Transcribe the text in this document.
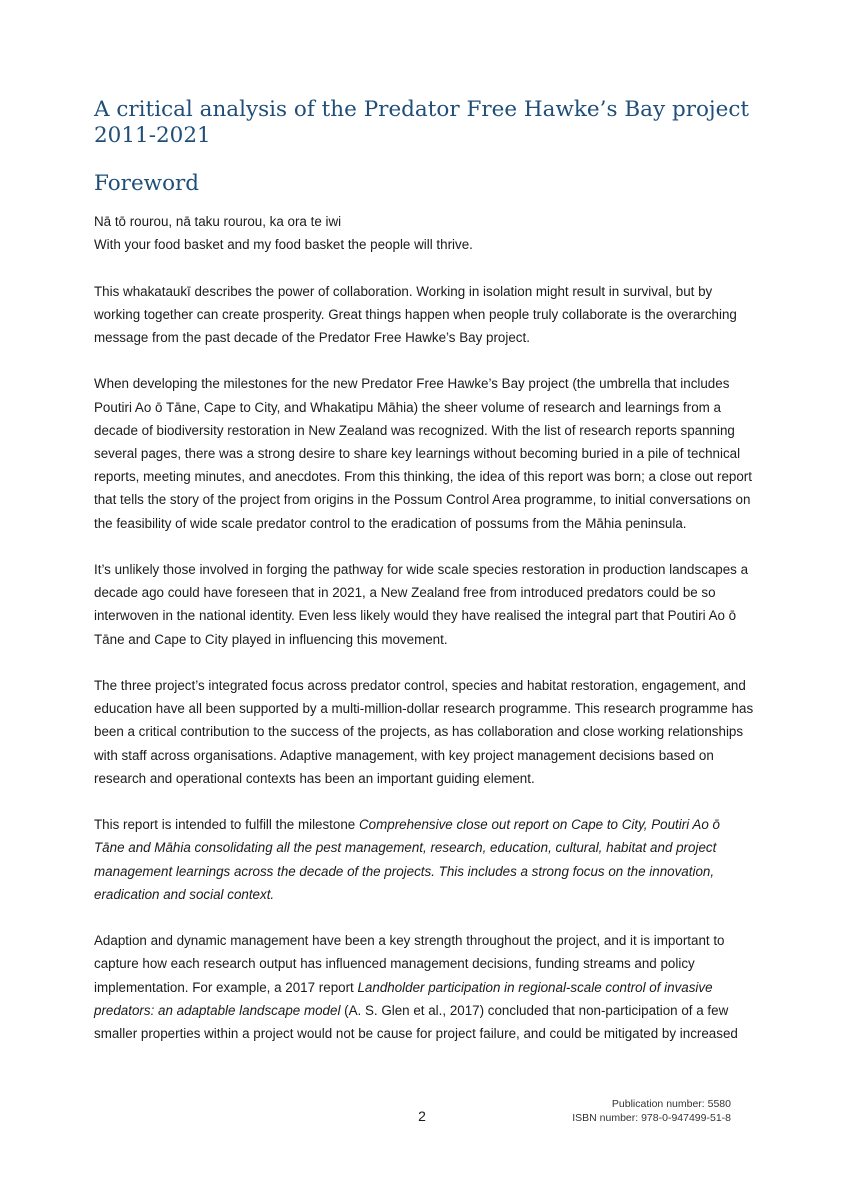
A critical analysis of the Predator Free Hawke’s Bay project 2011-2021
Foreword

Nā tō rourou, nā taku rourou, ka ora te iwi

With your food basket and my food basket the people will thrive.

This whakataukī describes the power of collaboration. Working in isolation might result in survival, but by working together can create prosperity. Great things happen when people truly collaborate is the overarching message from the past decade of the Predator Free Hawke’s Bay project.

When developing the milestones for the new Predator Free Hawke’s Bay project (the umbrella that includes Poutiri Ao ō Tāne, Cape to City, and Whakatipu Māhia) the sheer volume of research and learnings from a decade of biodiversity restoration in New Zealand was recognized. With the list of research reports spanning several pages, there was a strong desire to share key learnings without becoming buried in a pile of technical reports, meeting minutes, and anecdotes. From this thinking, the idea of this report was born; a close out report that tells the story of the project from origins in the Possum Control Area programme, to initial conversations on the feasibility of wide scale predator control to the eradication of possums from the Māhia peninsula.

It’s unlikely those involved in forging the pathway for wide scale species restoration in production landscapes a decade ago could have foreseen that in 2021, a New Zealand free from introduced predators could be so interwoven in the national identity. Even less likely would they have realised the integral part that Poutiri Ao ō Tāne and Cape to City played in influencing this movement.

The three project’s integrated focus across predator control, species and habitat restoration, engagement, and education have all been supported by a multi-million-dollar research programme. This research programme has been a critical contribution to the success of the projects, as has collaboration and close working relationships with staff across organisations. Adaptive management, with key project management decisions based on research and operational contexts has been an important guiding element.

This report is intended to fulfill the milestone Comprehensive close out report on Cape to City, Poutiri Ao ō Tāne and Māhia consolidating all the pest management, research, education, cultural, habitat and project management learnings across the decade of the projects. This includes a strong focus on the innovation, eradication and social context.

Adaption and dynamic management have been a key strength throughout the project, and it is important to capture how each research output has influenced management decisions, funding streams and policy implementation. For example, a 2017 report Landholder participation in regional-scale control of invasive predators: an adaptable landscape model (A. S. Glen et al., 2017) concluded that non-participation of a few smaller properties within a project would not be cause for project failure, and could be mitigated by increased

2
Publication number: 5580
ISBN number: 978-0-947499-51-8
